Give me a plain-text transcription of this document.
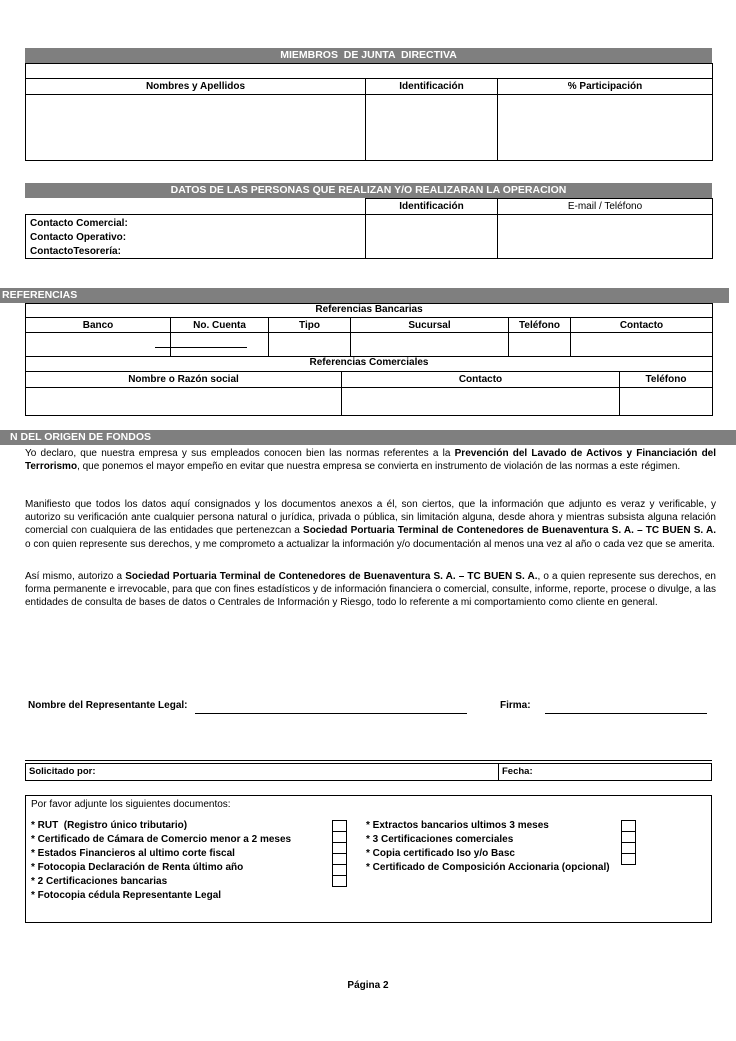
MIEMBROS  DE JUNTA  DIRECTIVA

Nombres y Apellidos	Identificación	% Participación

DATOS DE LAS PERSONAS QUE REALIZAN Y/O REALIZARAN LA OPERACION
Identificación	E-mail / Teléfono
Contacto Comercial:
Contacto Operativo:
ContactoTesorería:
REFERENCIAS
Referencias Bancarias					
Banco	No. Cuenta	Tipo	Sucursal	Teléfono	Contacto

Referencias Comerciales		
Nombre o Razón social	Contacto	Teléfono

N DEL ORIGEN DE FONDOS

Yo declaro, que nuestra empresa y sus empleados conocen bien las normas referentes a la Prevención del Lavado de Activos y Financiación del Terrorismo, que ponemos el mayor empeño en evitar que nuestra empresa se convierta en instrumento de violación de las normas a este régimen.

Manifiesto que todos los datos aquí consignados y los documentos anexos a él, son ciertos, que la información que adjunto es veraz y verificable, y autorizo su verificación ante cualquier persona natural o jurídica, privada o pública, sin limitación alguna, desde ahora y mientras subsista alguna relación comercial con cualquiera de las entidades que pertenezcan a Sociedad Portuaria Terminal de Contenedores de Buenaventura S. A. – TC BUEN S. A. o con quien represente sus derechos, y me comprometo a actualizar la información y/o documentación al menos una vez al año o cada vez que se amerita.

Así mismo, autorizo a Sociedad Portuaria Terminal de Contenedores de Buenaventura S. A. – TC BUEN S. A., o a quien represente sus derechos, en forma permanente e irrevocable, para que con fines estadísticos y de información financiera o comercial, consulte, informe, reporte, procese o divulge, a las entidades de consulta de bases de datos o Centrales de Información y Riesgo, todo lo referente a mi comportamiento como cliente en general.

Nombre del Representante Legal:	Firma:
Solicitado por:	Fecha:
Por favor adjunte los siguientes documentos:
* RUT  (Registro único tributario)
* Certificado de Cámara de Comercio menor a 2 meses
* Estados Financieros al ultimo corte fiscal
* Fotocopia Declaración de Renta último año
* 2 Certificaciones bancarias
* Fotocopia cédula Representante Legal
* Extractos bancarios ultimos 3 meses
* 3 Certificaciones comerciales
* Copia certificado Iso y/o Basc
* Certificado de Composición Accionaria (opcional)
Página 2
